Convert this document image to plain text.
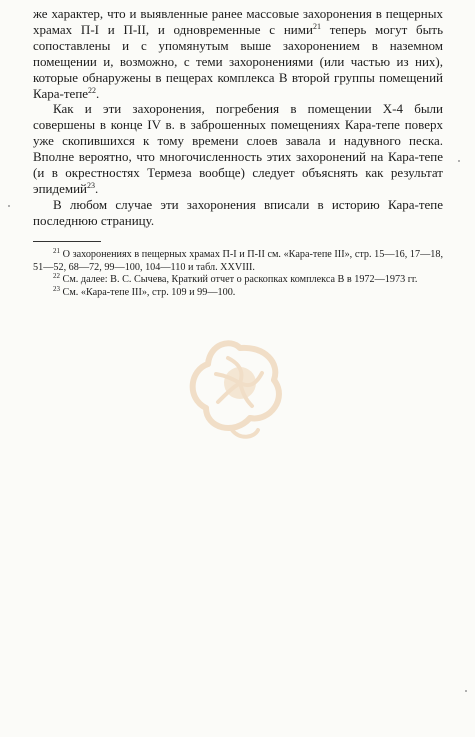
же характер, что и выявленные ранее массовые захоронения в пещерных храмах П-I и П-II, и одновременные с ними$^{21}$ теперь могут быть сопоставлены и с упомянутым выше захоронением в наземном помещении и, возможно, с теми захоронениями (или частью из них), которые обнаружены в пещерах комплекса В второй группы помещений Кара-тепе$^{22}$.

Как и эти захоронения, погребения в помещении Х-4 были совершены в конце IV в. в заброшенных помещениях Кара-тепе поверх уже скопившихся к тому времени слоев завала и надувного песка. Вполне вероятно, что многочисленность этих захоронений на Кара-тепе (и в окрестностях Термеза вообще) следует объяснять как результат эпидемий$^{23}$.

В любом случае эти захоронения вписали в историю Кара-тепе последнюю страницу.

$^{21}$ О захоронениях в пещерных храмах П-I и П-II см. «Кара-тепе III», стр. 15—16, 17—18, 51—52, 68—72, 99—100, 104—110 и табл. XXVIII.

$^{22}$ См. далее: В. С. Сычева, Краткий отчет о раскопках комплекса В в 1972—1973 гг.

$^{23}$ См. «Кара-тепе III», стр. 109 и 99—100.
